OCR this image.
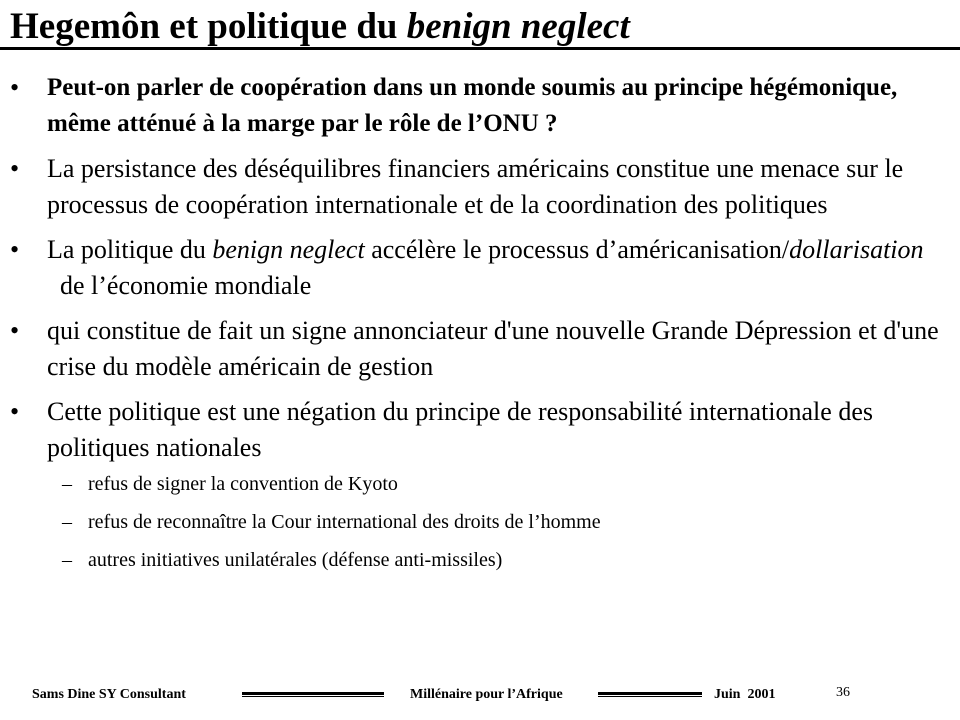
Hegemôn et politique du benign neglect
• Peut-on parler de coopération dans un monde soumis au principe hégémonique, même atténué à la marge par le rôle de l’ONU ?
• La persistance des déséquilibres financiers américains constitue une menace sur le processus de coopération internationale et de la coordination des politiques
• La politique du benign neglect accélère le processus d’américanisation/dollarisation  de l’économie mondiale
• qui constitue de fait un signe annonciateur d'une nouvelle Grande Dépression et d'une crise du modèle américain de gestion
• Cette politique est une négation du principe de responsabilité internationale des politiques nationales
– refus de signer la convention de Kyoto
– refus de reconnaître la Cour international des droits de l’homme
– autres initiatives unilatérales (défense anti-missiles)
Sams Dine SY Consultant	Millénaire pour l’Afrique	Juin  2001	36
